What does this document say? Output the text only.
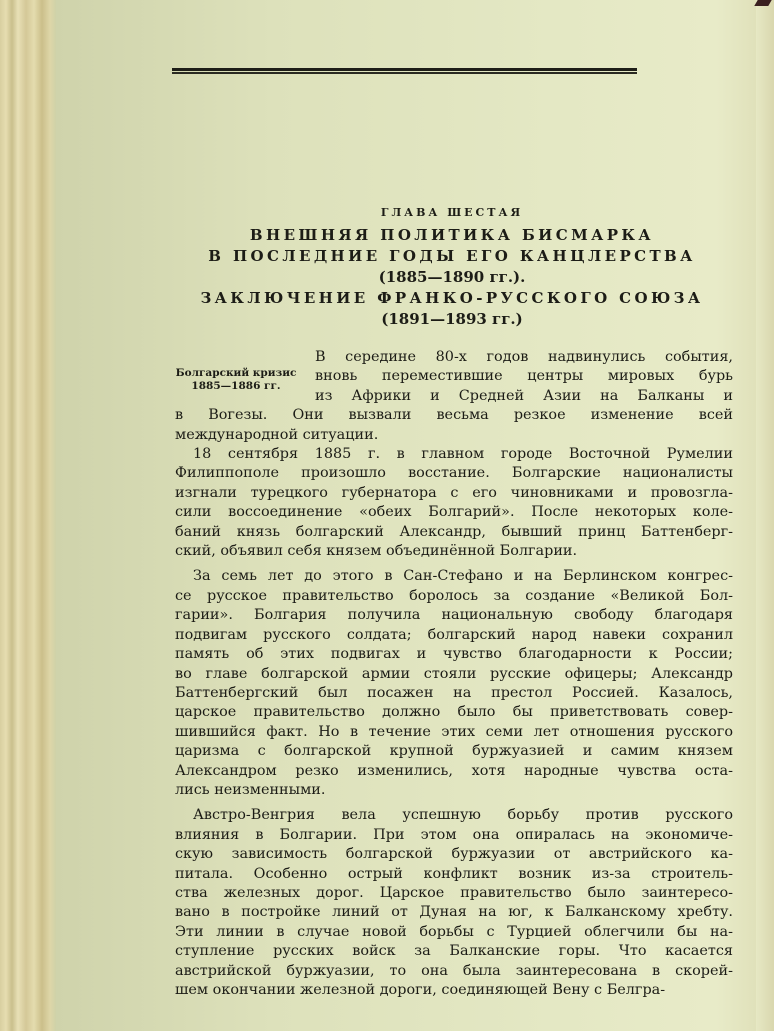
ГЛАВА ШЕСТАЯ
ВНЕШНЯЯ ПОЛИТИКА БИСМАРКА
В ПОСЛЕДНИЕ ГОДЫ ЕГО КАНЦЛЕРСТВА
(1885—1890 гг.).
ЗАКЛЮЧЕНИЕ ФРАНКО-РУССКОГО СОЮЗА
(1891—1893 гг.)
Болгарский кризис
1885—1886 гг.
В середине 80-х годов надвинулись события,
вновь переместившие центры мировых бурь
из Африки и Средней Азии на Балканы и
в Вогезы. Они вызвали весьма резкое изменение всей
международной ситуации.
18 сентября 1885 г. в главном городе Восточной Румелии
Филиппополе произошло восстание. Болгарские националисты
изгнали турецкого губернатора с его чиновниками и провозгла-
сили воссоединение «обеих Болгарий». После некоторых коле-
баний князь болгарский Александр, бывший принц Баттенберг-
ский, объявил себя князем объединённой Болгарии.
За семь лет до этого в Сан-Стефано и на Берлинском конгрес-
се русское правительство боролось за создание «Великой Бол-
гарии». Болгария получила национальную свободу благодаря
подвигам русского солдата; болгарский народ навеки сохранил
память об этих подвигах и чувство благодарности к России;
во главе болгарской армии стояли русские офицеры; Александр
Баттенбергский был посажен на престол Россией. Казалось,
царское правительство должно было бы приветствовать совер-
шившийся факт. Но в течение этих семи лет отношения русского
царизма с болгарской крупной буржуазией и самим князем
Александром резко изменились, хотя народные чувства оста-
лись неизменными.
Австро-Венгрия вела успешную борьбу против русского
влияния в Болгарии. При этом она опиралась на экономиче-
скую зависимость болгарской буржуазии от австрийского ка-
питала. Особенно острый конфликт возник из-за строитель-
ства железных дорог. Царское правительство было заинтересо-
вано в постройке линий от Дуная на юг, к Балканскому хребту.
Эти линии в случае новой борьбы с Турцией облегчили бы на-
ступление русских войск за Балканские горы. Что касается
австрийской буржуазии, то она была заинтересована в скорей-
шем окончании железной дороги, соединяющей Вену с Белгра-
